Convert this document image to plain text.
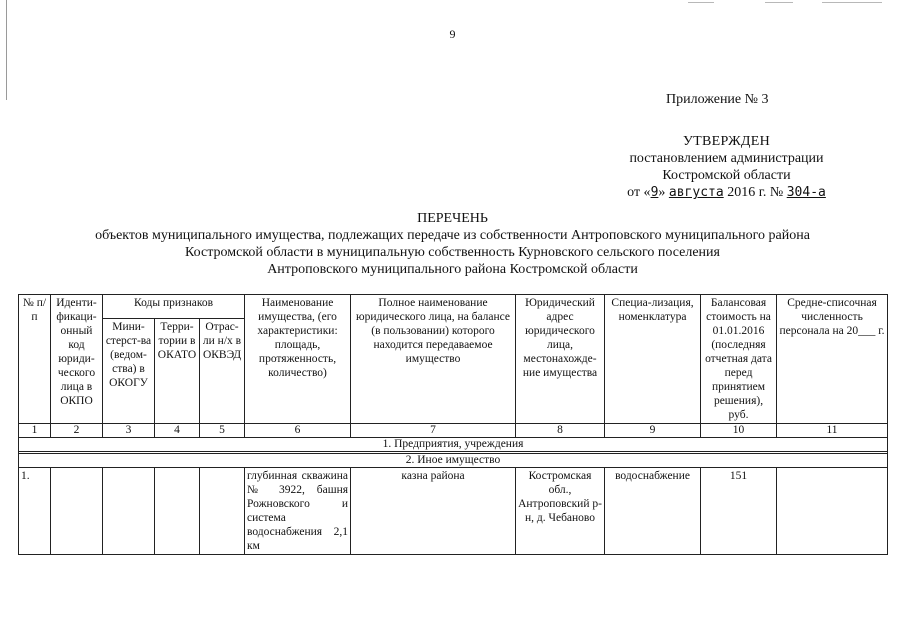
9
Приложение № 3
УТВЕРЖДЕН
постановлением администрации
Костромской области
от «9» августа 2016 г. № 304-а
ПЕРЕЧЕНЬ
объектов муниципального имущества, подлежащих передаче из собственности Антроповского муниципального района
Костромской области в муниципальную собственность Курновского сельского поселения
Антроповского муниципального района Костромской области
№ п/п	Иденти-фикаци-онный код юриди-ческого лица в ОКПО	Коды признаков			Наименование имущества, (его характеристики: площадь, протяженность, количество)	Полное наименование юридического лица, на балансе (в пользовании) которого находится передаваемое имущество	Юридический адрес юридического лица, местонахожде-ние имущества	Специа-лизация, номенклатура	Балансовая стоимость на 01.01.2016 (последняя отчетная дата перед принятием решения), руб.	Средне-списочная численность персонала на 20___ г.
		Мини-стерст-ва (ведом-ства) в ОКОГУ	Терри-тории в ОКАТО	Отрас-ли н/х в ОКВЭД						
1	2	3	4	5	6	7	8	9	10	11
1. Предприятия, учреждения										

2. Иное имущество										
1.					глубинная скважина № 3922, башня Рожновского и система водоснабжения 2,1 км	казна района	Костромская обл., Антроповский р-н, д. Чебаново	водоснабжение	151	
